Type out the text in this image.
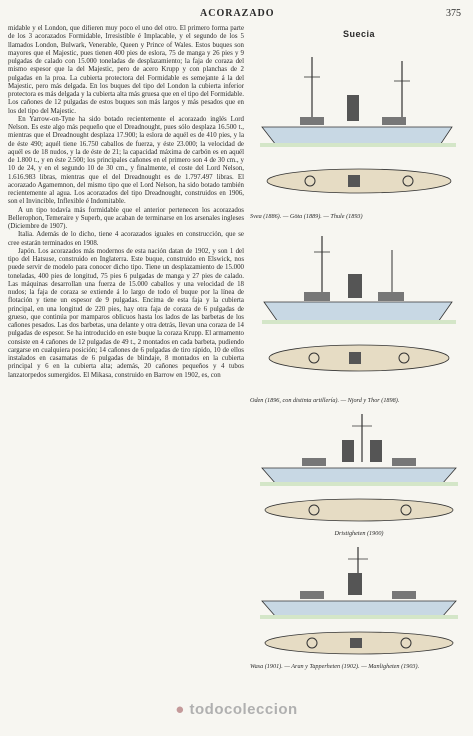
ACORAZADO	375

midable y el London, que difieren muy poco el uno del otro. El primero forma parte de los 3 acorazados Formidable, Irresistible é Implacable, y el segundo de los 5 llamados London, Bulwark, Venerable, Queen y Prince of Wales. Estos buques son mayores que el Majestic, pues tienen 400 pies de eslora, 75 de manga y 26 pies y 9 pulgadas de calado con 15.000 toneladas de desplazamiento; la faja de coraza del mismo espesor que la del Majestic, pero de acero Krupp y con planchas de 2 pulgadas en la proa. La cubierta protectora del Formidable es semejante á la del Majestic, pero más delgada. En los buques del tipo del London la cubierta inferior protectora es más delgada y la cubierta alta más gruesa que en el tipo del Formidable. Los cañones de 12 pulgadas de estos buques son más largos y más pesados que en los del tipo del Majestic.

En Yarrow-on-Tyne ha sido botado recientemente el acorazado inglés Lord Nelson. Es este algo más pequeño que el Dreadnought, pues sólo desplaza 16.500 t., mientras que el Dreadnought desplaza 17.900; la eslora de aquél es de 410 pies, y la de éste 490; aquél tiene 16.750 caballos de fuerza, y éste 23.000; la velocidad de aquél es de 18 nudos, y la de éste de 21; la capacidad máxima de carbón es en aquél de 1.800 t., y en éste 2.500; los principales cañones en el primero son 4 de 30 cm., y 10 de 24, y en el segundo 10 de 30 cm., y finalmente, el coste del Lord Nelson, 1.616.983 libras, mientras que el del Dreadnought es de 1.797.497 libras. El acorazado Agamemnon, del mismo tipo que el Lord Nelson, ha sido botado también recientemente al agua. Los acorazados del tipo Dreadnought, construidos en 1906, son el Invincible, Inflexible é Indomitable.

A un tipo todavía más formidable que el anterior pertenecen los acorazados Bellerophon, Temeraire y Superb, que acaban de terminarse en los arsenales ingleses (Diciembre de 1907).

Italia. Además de lo dicho, tiene 4 acorazados iguales en construcción, que se cree estarán terminados en 1908.

Japón. Los acorazados más modernos de esta nación datan de 1902, y son 1 del tipo del Hatsuse, construido en Inglaterra. Este buque, construido en Elswick, nos puede servir de modelo para conocer dicho tipo. Tiene un desplazamiento de 15.000 toneladas, 400 pies de longitud, 75 pies 6 pulgadas de manga y 27 pies de calado. Las máquinas desarrollan una fuerza de 15.000 caballos y una velocidad de 18 nudos; la faja de coraza se extiende á lo largo de todo el buque por la línea de flotación y tiene un espesor de 9 pulgadas. Encima de esta faja y la cubierta principal, en una longitud de 220 pies, hay otra faja de coraza de 6 pulgadas de grueso, que continúa por mamparos oblicuos hasta los lados de las barbetas de los cañones pesados. Las dos barbetas, una delante y otra detrás, llevan una coraza de 14 pulgadas de espesor. Se ha introducido en este buque la coraza Krupp. El armamento consiste en 4 cañones de 12 pulgadas de 49 t., 2 montados en cada barbeta, pudiendo cargarse en cualquiera posición; 14 cañones de 6 pulgadas de tiro rápido, 10 de ellos instalados en casamatas de 6 pulgadas de blindaje, 8 montados en la cubierta principal y 6 en la cubierta alta; además, 20 cañones pequeños y 4 tubos lanzatorpedos sumergidos. El Mikasa, construido en Barrow en 1902, es, con

Suecia
Svea (1886). — Göta (1889). — Thule (1893)
Oden (1896, con distinta artillería). — Njord y Thor (1898).
Dristigheten (1900)
Wasa (1901). — Aran y Tapperheten (1902). — Manligheten (1903).
● todocoleccion
